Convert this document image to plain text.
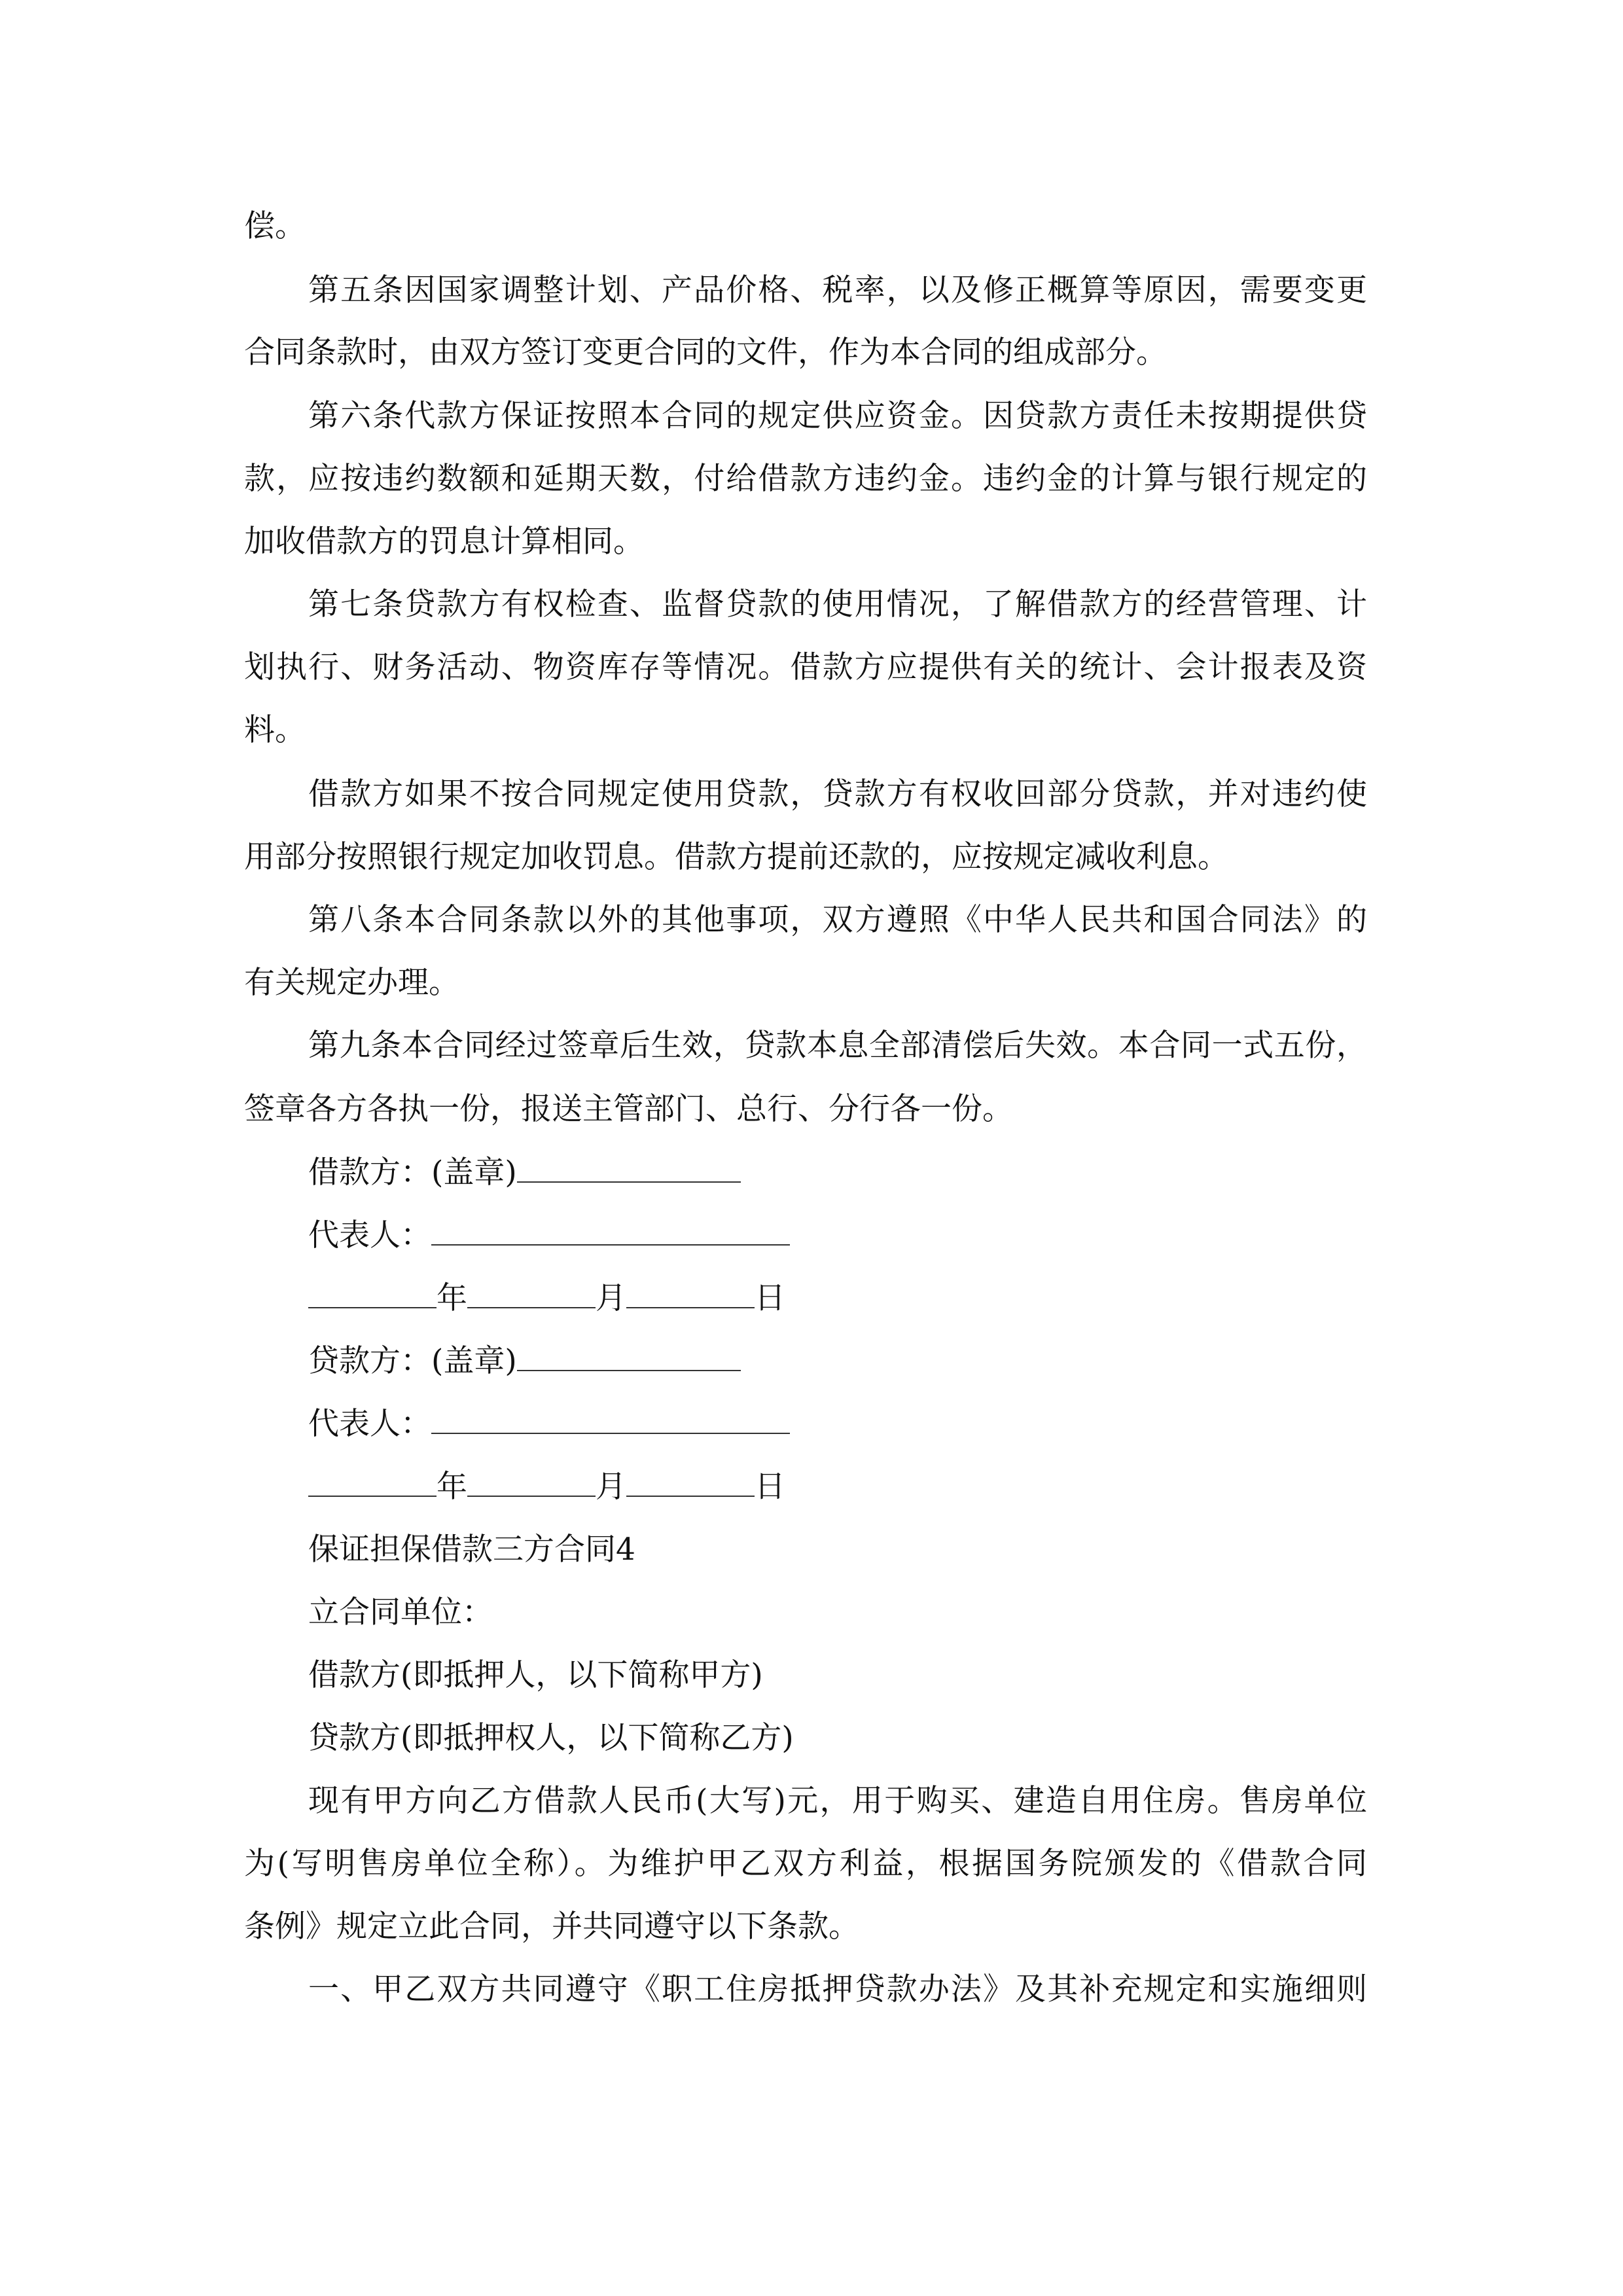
偿。
第五条因国家调整计划、产品价格、税率，以及修正概算等原因，需要变更
合同条款时，由双方签订变更合同的文件，作为本合同的组成部分。
第六条代款方保证按照本合同的规定供应资金。因贷款方责任未按期提供贷
款，应按违约数额和延期天数，付给借款方违约金。违约金的计算与银行规定的
加收借款方的罚息计算相同。
第七条贷款方有权检查、监督贷款的使用情况，了解借款方的经营管理、计
划执行、财务活动、物资库存等情况。借款方应提供有关的统计、会计报表及资
料。
借款方如果不按合同规定使用贷款，贷款方有权收回部分贷款，并对违约使
用部分按照银行规定加收罚息。借款方提前还款的，应按规定减收利息。
第八条本合同条款以外的其他事项，双方遵照《中华人民共和国合同法》的
有关规定办理。
第九条本合同经过签章后生效，贷款本息全部清偿后失效。本合同一式五份，
签章各方各执一份，报送主管部门、总行、分行各一份。
借款方：(盖章)
代表人：
年	月	日
贷款方：(盖章)
代表人：
年	月	日
保证担保借款三方合同4
立合同单位：
借款方(即抵押人，以下简称甲方)
贷款方(即抵押权人，以下简称乙方)
现有甲方向乙方借款人民币(大写)元，用于购买、建造自用住房。售房单位
为(写明售房单位全称）。为维护甲乙双方利益，根据国务院颁发的《借款合同
条例》规定立此合同，并共同遵守以下条款。
一、甲乙双方共同遵守《职工住房抵押贷款办法》及其补充规定和实施细则
